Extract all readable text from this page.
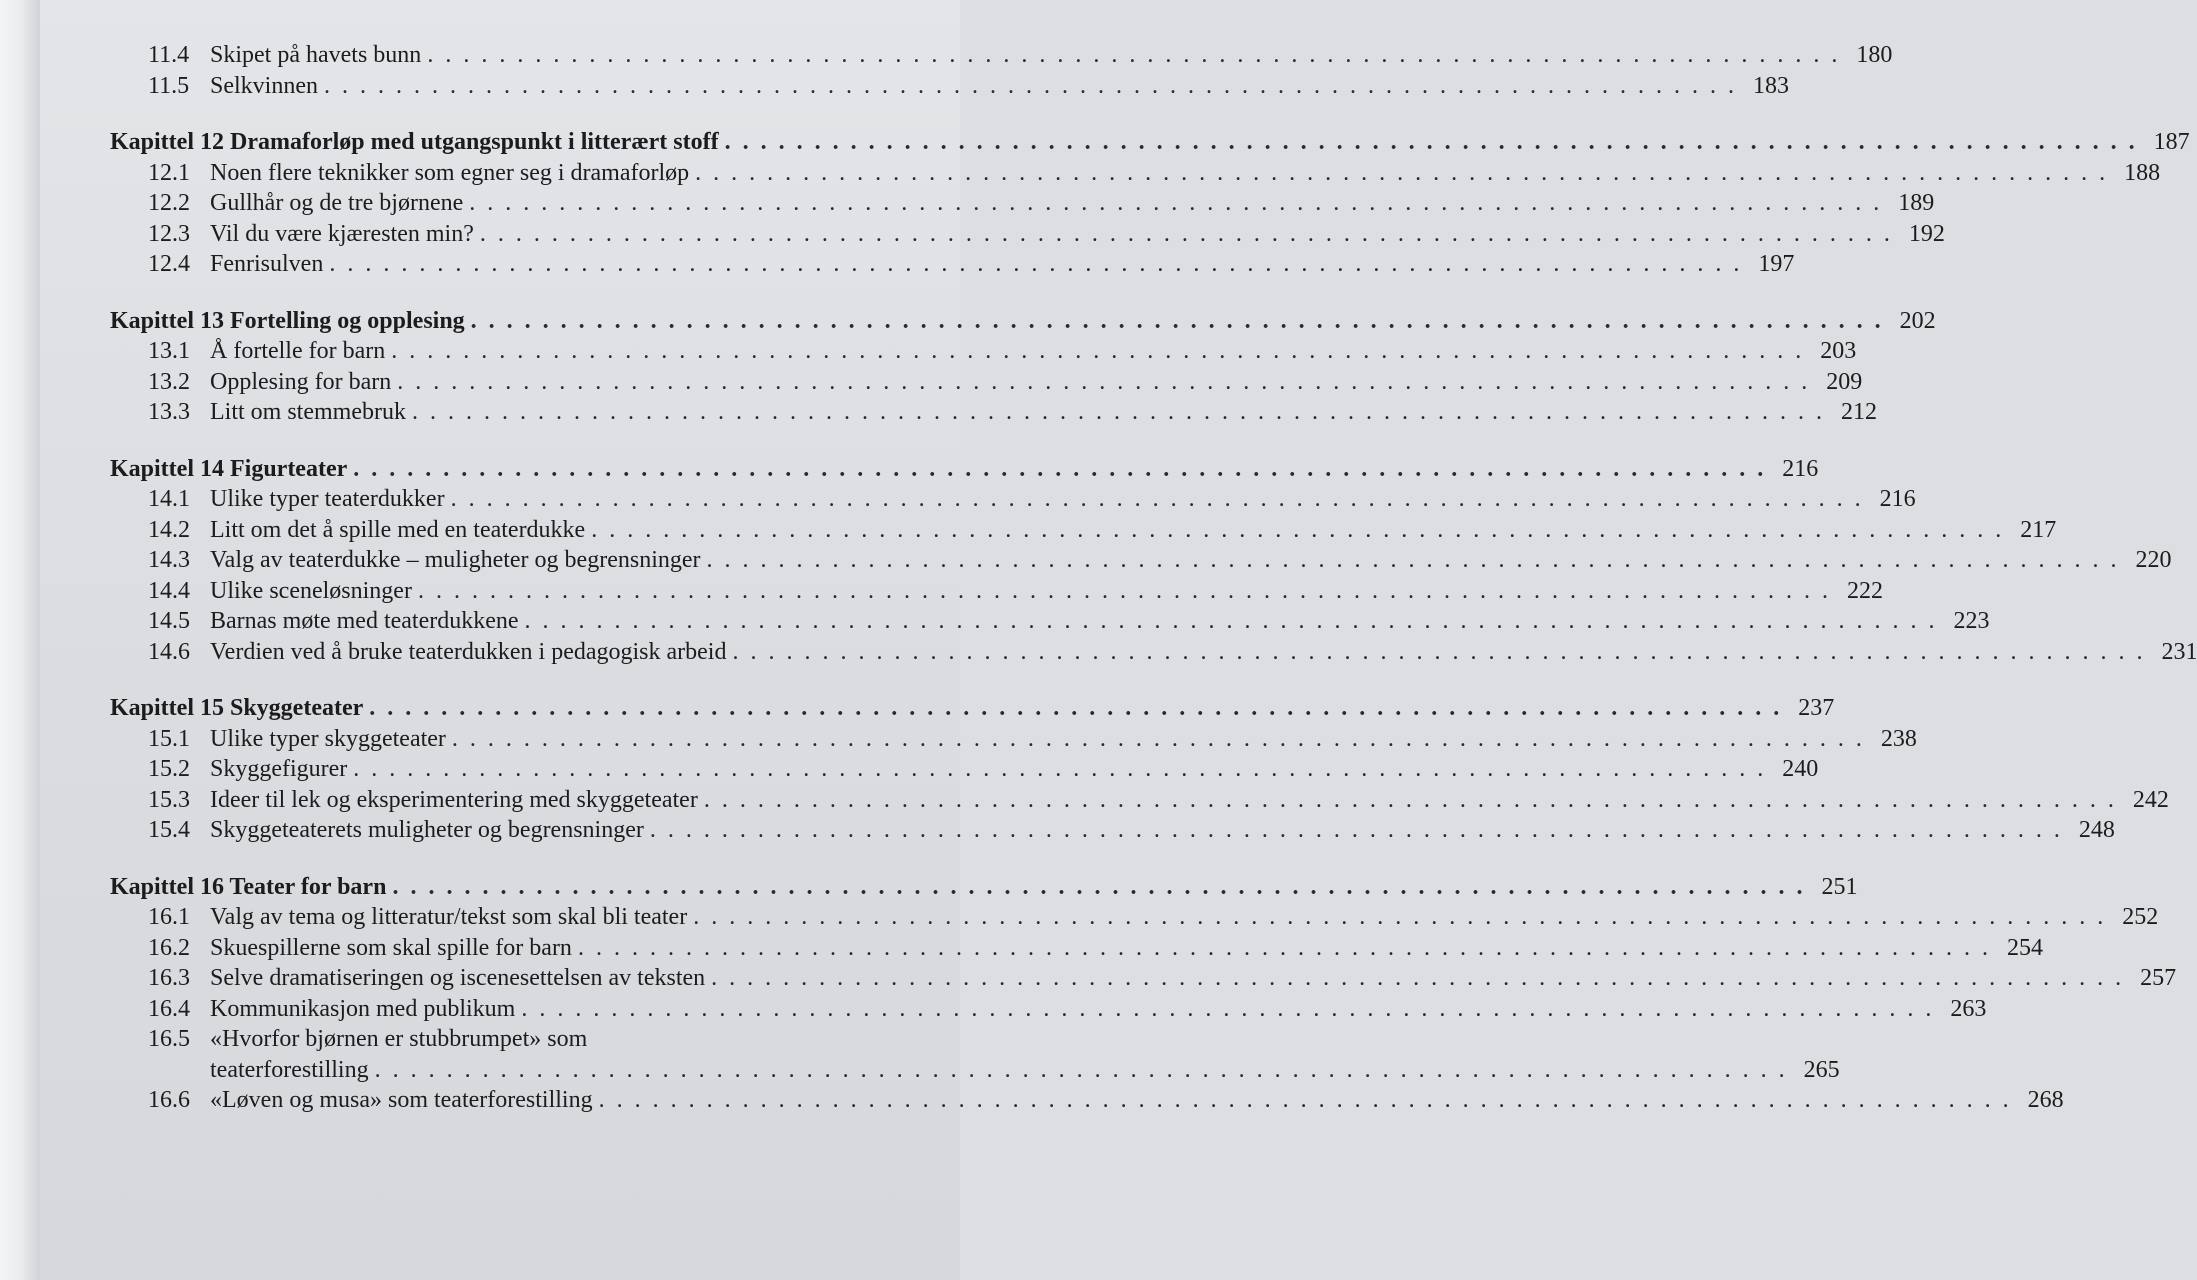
11.4 Skipet på havets bunn . . .	180
11.5 Selkvinnen . . .	183
Kapittel 12 Dramaforløp med utgangspunkt i litterært stoff . . .	187
12.1 Noen flere teknikker som egner seg i dramaforløp . . .	188
12.2 Gullhår og de tre bjørnene . . .	189
12.3 Vil du være kjæresten min? . . .	192
12.4 Fenrisulven . . .	197
Kapittel 13 Fortelling og opplesing . . .	202
13.1 Å fortelle for barn . . .	203
13.2 Opplesing for barn . . .	209
13.3 Litt om stemmebruk . . .	212
Kapittel 14 Figurteater . . .	216
14.1 Ulike typer teaterdukker . . .	216
14.2 Litt om det å spille med en teaterdukke . . .	217
14.3 Valg av teaterdukke – muligheter og begrensninger . . .	220
14.4 Ulike sceneløsninger . . .	222
14.5 Barnas møte med teaterdukkene . . .	223
14.6 Verdien ved å bruke teaterdukken i pedagogisk arbeid . . .	231
Kapittel 15 Skyggeteater . . .	237
15.1 Ulike typer skyggeteater . . .	238
15.2 Skyggefigurer . . .	240
15.3 Ideer til lek og eksperimentering med skyggeteater . . .	242
15.4 Skyggeteaterets muligheter og begrensninger . . .	248
Kapittel 16 Teater for barn . . .	251
16.1 Valg av tema og litteratur/tekst som skal bli teater . . .	252
16.2 Skuespillerne som skal spille for barn . . .	254
16.3 Selve dramatiseringen og iscenesettelsen av teksten . . .	257
16.4 Kommunikasjon med publikum . . .	263
16.5 «Hvorfor bjørnen er stubbrumpet» som
teaterforestilling . . .	265
16.6 «Løven og musa» som teaterforestilling . . .	268
